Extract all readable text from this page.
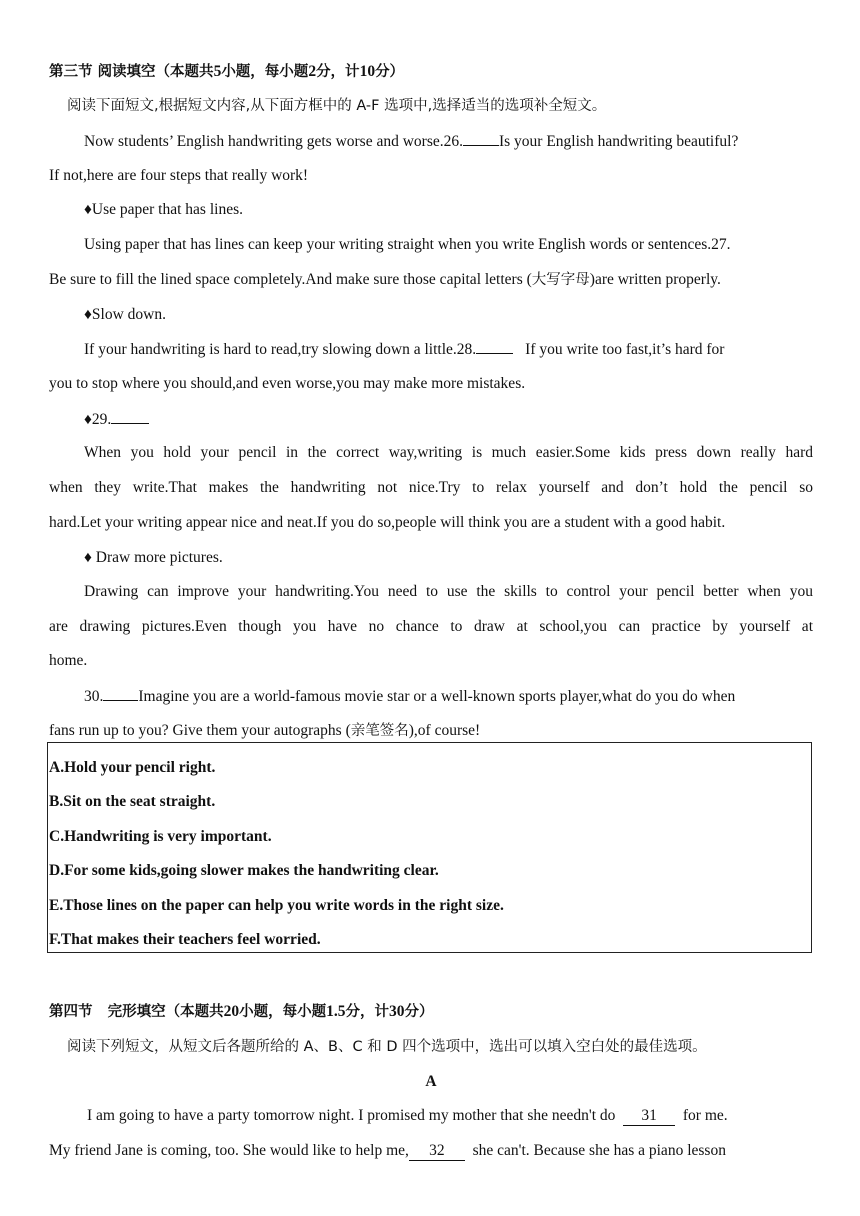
第三节 阅读填空（本题共5小题，每小题2分，计10分）
阅读下面短文,根据短文内容,从下面方框中的 A-F 选项中,选择适当的选项补全短文。
Now students’ English handwriting gets worse and worse.26. Is your English handwriting beautiful?
If not,here are four steps that really work!
♦Use paper that has lines.
Using paper that has lines can keep your writing straight when you write English words or sentences.27.
Be sure to fill the lined space completely.And make sure those capital letters (大写字母)are written properly.
♦Slow down.
If your handwriting is hard to read,try slowing down a little.28.	If you write too fast,it’s hard for
you to stop where you should,and even worse,you may make more mistakes.
♦29.
When you hold your pencil in the correct way,writing is much easier.Some kids press down really hard
when they write.That makes the handwriting not nice.Try to relax yourself and don’t hold the pencil so
hard.Let your writing appear nice and neat.If you do so,people will think you are a student with a good habit.
♦ Draw more pictures.
Drawing can improve your handwriting.You need to use the skills to control your pencil better when you
are drawing pictures.Even though you have no chance to draw at school,you can practice by yourself at
home.
30. Imagine you are a world-famous movie star or a well-known sports player,what do you do when
fans run up to you? Give them your autographs (亲笔签名),of course!
A.Hold your pencil right.
B.Sit on the seat straight.
C.Handwriting is very important.
D.For some kids,going slower makes the handwriting clear.
E.Those lines on the paper can help you write words in the right size.
F.That makes their teachers feel worried.
第四节 完形填空（本题共20小题，每小题1.5分，计30分）
阅读下列短文，从短文后各题所给的 A、B、C 和 D 四个选项中，选出可以填入空白处的最佳选项。
A
I am going to have a party tomorrow night. I promised my mother that she needn't do 31 for me.
My friend Jane is coming, too. She would like to help me, 32 she can't. Because she has a piano lesson
